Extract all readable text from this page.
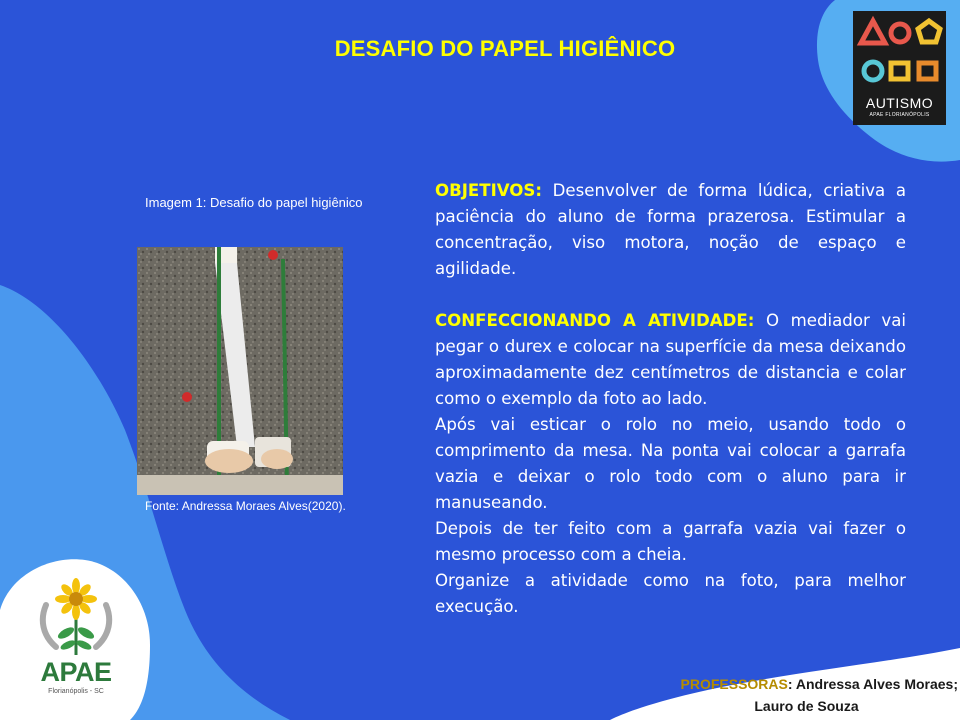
DESAFIO DO PAPEL HIGIÊNICO
AUTISMO
APAE FLORIANÓPOLIS
Imagem 1: Desafio do papel higiênico
Fonte: Andressa Moraes Alves(2020).

OBJETIVOS: Desenvolver de forma lúdica, criativa a paciência do aluno de forma prazerosa. Estimular a concentração, viso motora, noção de espaço e agilidade.

CONFECCIONANDO A ATIVIDADE: O mediador vai pegar o durex e colocar na superfície da mesa deixando aproximadamente dez centímetros de distancia e colar como o exemplo da foto ao lado.

Após vai esticar o rolo no meio, usando todo o comprimento da mesa. Na ponta vai colocar a garrafa vazia e deixar o rolo todo com o aluno para ir manuseando.

Depois de ter feito com a garrafa vazia vai fazer o mesmo processo com a cheia.

Organize a atividade como na foto, para melhor execução.

APAE
Florianópolis - SC	PROFESSORAS: Andressa Alves Moraes;
Lauro de Souza
